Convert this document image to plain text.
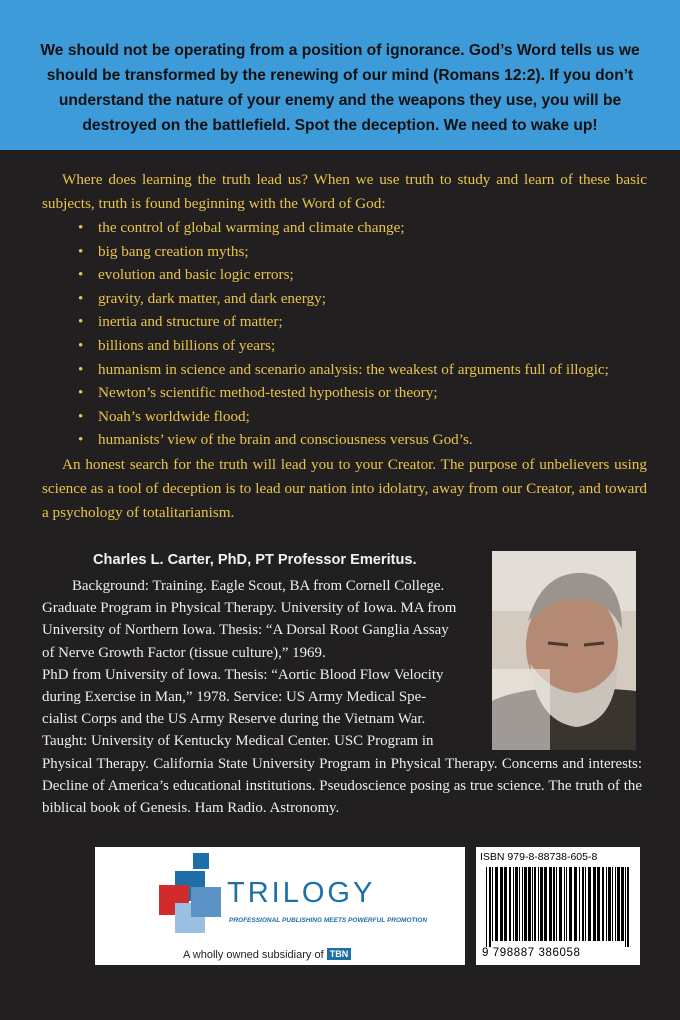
We should not be operating from a position of ignorance. God’s Word tells us we should be transformed by the renewing of our mind (Romans 12:2). If you don’t understand the nature of your enemy and the weapons they use, you will be destroyed on the battlefield. Spot the deception. We need to wake up!
Where does learning the truth lead us? When we use truth to study and learn of these basic subjects, truth is found beginning with the Word of God:
• the control of global warming and climate change;
• big bang creation myths;
• evolution and basic logic errors;
• gravity, dark matter, and dark energy;
• inertia and structure of matter;
• billions and billions of years;
• humanism in science and scenario analysis: the weakest of arguments full of illogic;
• Newton’s scientific method-tested hypothesis or theory;
• Noah’s worldwide flood;
• humanists’ view of the brain and consciousness versus God’s.
An honest search for the truth will lead you to your Creator. The purpose of unbelievers using science as a tool of deception is to lead our nation into idolatry, away from our Creator, and toward a psychology of totalitarianism.
Charles L. Carter, PhD, PT Professor Emeritus.
Background: Training. Eagle Scout, BA from Cornell College.
Graduate Program in Physical Therapy. University of Iowa. MA from
University of Northern Iowa. Thesis: “A Dorsal Root Ganglia Assay
of Nerve Growth Factor (tissue culture),” 1969.
PhD from University of Iowa. Thesis: “Aortic Blood Flow Velocity
during Exercise in Man,” 1978. Service: US Army Medical Spe-
cialist Corps and the US Army Reserve during the Vietnam War.
Taught: University of Kentucky Medical Center. USC Program in
Physical Therapy. California State University Program in Physical Therapy. Concerns and interests: Decline of America’s educational institutions. Pseudoscience posing as true science. The truth of the biblical book of Genesis. Ham Radio. Astronomy.
TRILOGY
PROFESSIONAL PUBLISHING MEETS POWERFUL PROMOTION
A wholly owned subsidiary of TBN
ISBN 979-8-88738-605-8
9 798887 386058
